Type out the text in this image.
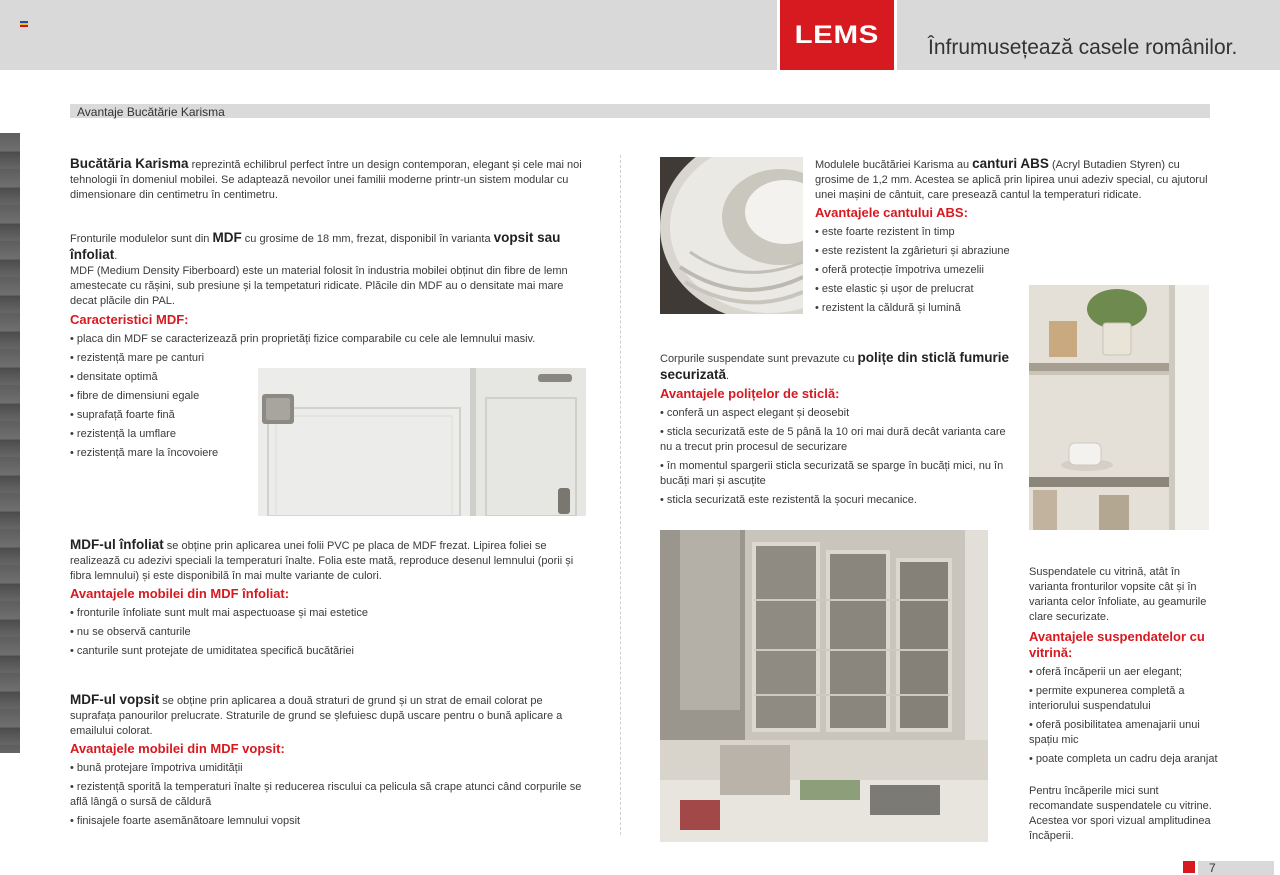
LEMS Înfrumusețează casele românilor.
Avantaje Bucătărie Karisma

Bucătăria Karisma reprezintă echilibrul perfect între un design contemporan, elegant și cele mai noi tehnologii în domeniul mobilei. Se adaptează nevoilor unei familii moderne printr-un sistem modular cu dimensionare din centimetru în centimetru.

Fronturile modulelor sunt din MDF cu grosime de 18 mm, frezat, disponibil în varianta vopsit sau înfoliat.

MDF (Medium Density Fiberboard) este un material folosit în industria mobilei obținut din fibre de lemn amestecate cu rășini, sub presiune și la tempetaturi ridicate. Plăcile din MDF au o densitate mai mare decat plăcile din PAL.

Caracteristici MDF:
• placa din MDF se caracterizează prin proprietăți fizice comparabile cu cele ale lemnului masiv.
• rezistență mare pe canturi
• densitate optimă
• fibre de dimensiuni egale
• suprafață foarte fină
• rezistență la umflare
• rezistență mare la încovoiere

MDF-ul înfoliat se obține prin aplicarea unei folii PVC pe placa de MDF frezat. Lipirea foliei se realizează cu adezivi speciali la temperaturi înalte. Folia este mată, reproduce desenul lemnului (porii și fibra lemnului) și este disponibilă în mai multe variante de culori.

Avantajele mobilei din MDF înfoliat:
• fronturile înfoliate sunt mult mai aspectuoase și mai estetice
• nu se observă canturile
• canturile sunt protejate de umiditatea specifică bucătăriei

MDF-ul vopsit se obține prin aplicarea a două straturi de grund și un strat de email colorat pe suprafața panourilor prelucrate. Straturile de grund se șlefuiesc după uscare pentru o bună aplicare a emailului colorat.

Avantajele mobilei din MDF vopsit:
• bună protejare împotriva umidității
• rezistență sporită la temperaturi înalte și reducerea riscului ca pelicula să crape atunci când corpurile se află lângă o sursă de căldură
• finisajele foarte asemănătoare lemnului vopsit

Modulele bucătăriei Karisma au canturi ABS (Acryl Butadien Styren) cu grosime de 1,2 mm. Acestea se aplică prin lipirea unui adeziv special, cu ajutorul unei mașini de cântuit, care presează cantul la temperaturi ridicate.

Avantajele cantului ABS:
• este foarte rezistent în timp
• este rezistent la zgârieturi și abraziune
• oferă protecție împotriva umezelii
• este elastic și ușor de prelucrat
• rezistent la căldură și lumină

Corpurile suspendate sunt prevazute cu polițe din sticlă fumurie securizată.

Avantajele polițelor de sticlă:
• conferă un aspect elegant și deosebit
• sticla securizată este de 5 până la 10 ori mai dură decât varianta care nu a trecut prin procesul de securizare
• în momentul spargerii sticla securizată se sparge în bucăți mici, nu în bucăți mari și ascuțite
• sticla securizată este rezistentă la șocuri mecanice.

Suspendatele cu vitrină, atât în varianta fronturilor vopsite cât și în varianta celor înfoliate, au geamurile clare securizate.

Avantajele suspendatelor cu vitrină:
• oferă încăperii un aer elegant;
• permite expunerea completă a interiorului suspendatului
• oferă posibilitatea amenajarii unui spațiu mic
• poate completa un cadru deja aranjat

Pentru încăperile mici sunt recomandate suspendatele cu vitrine. Acestea vor spori vizual amplitudinea încăperii.

7
